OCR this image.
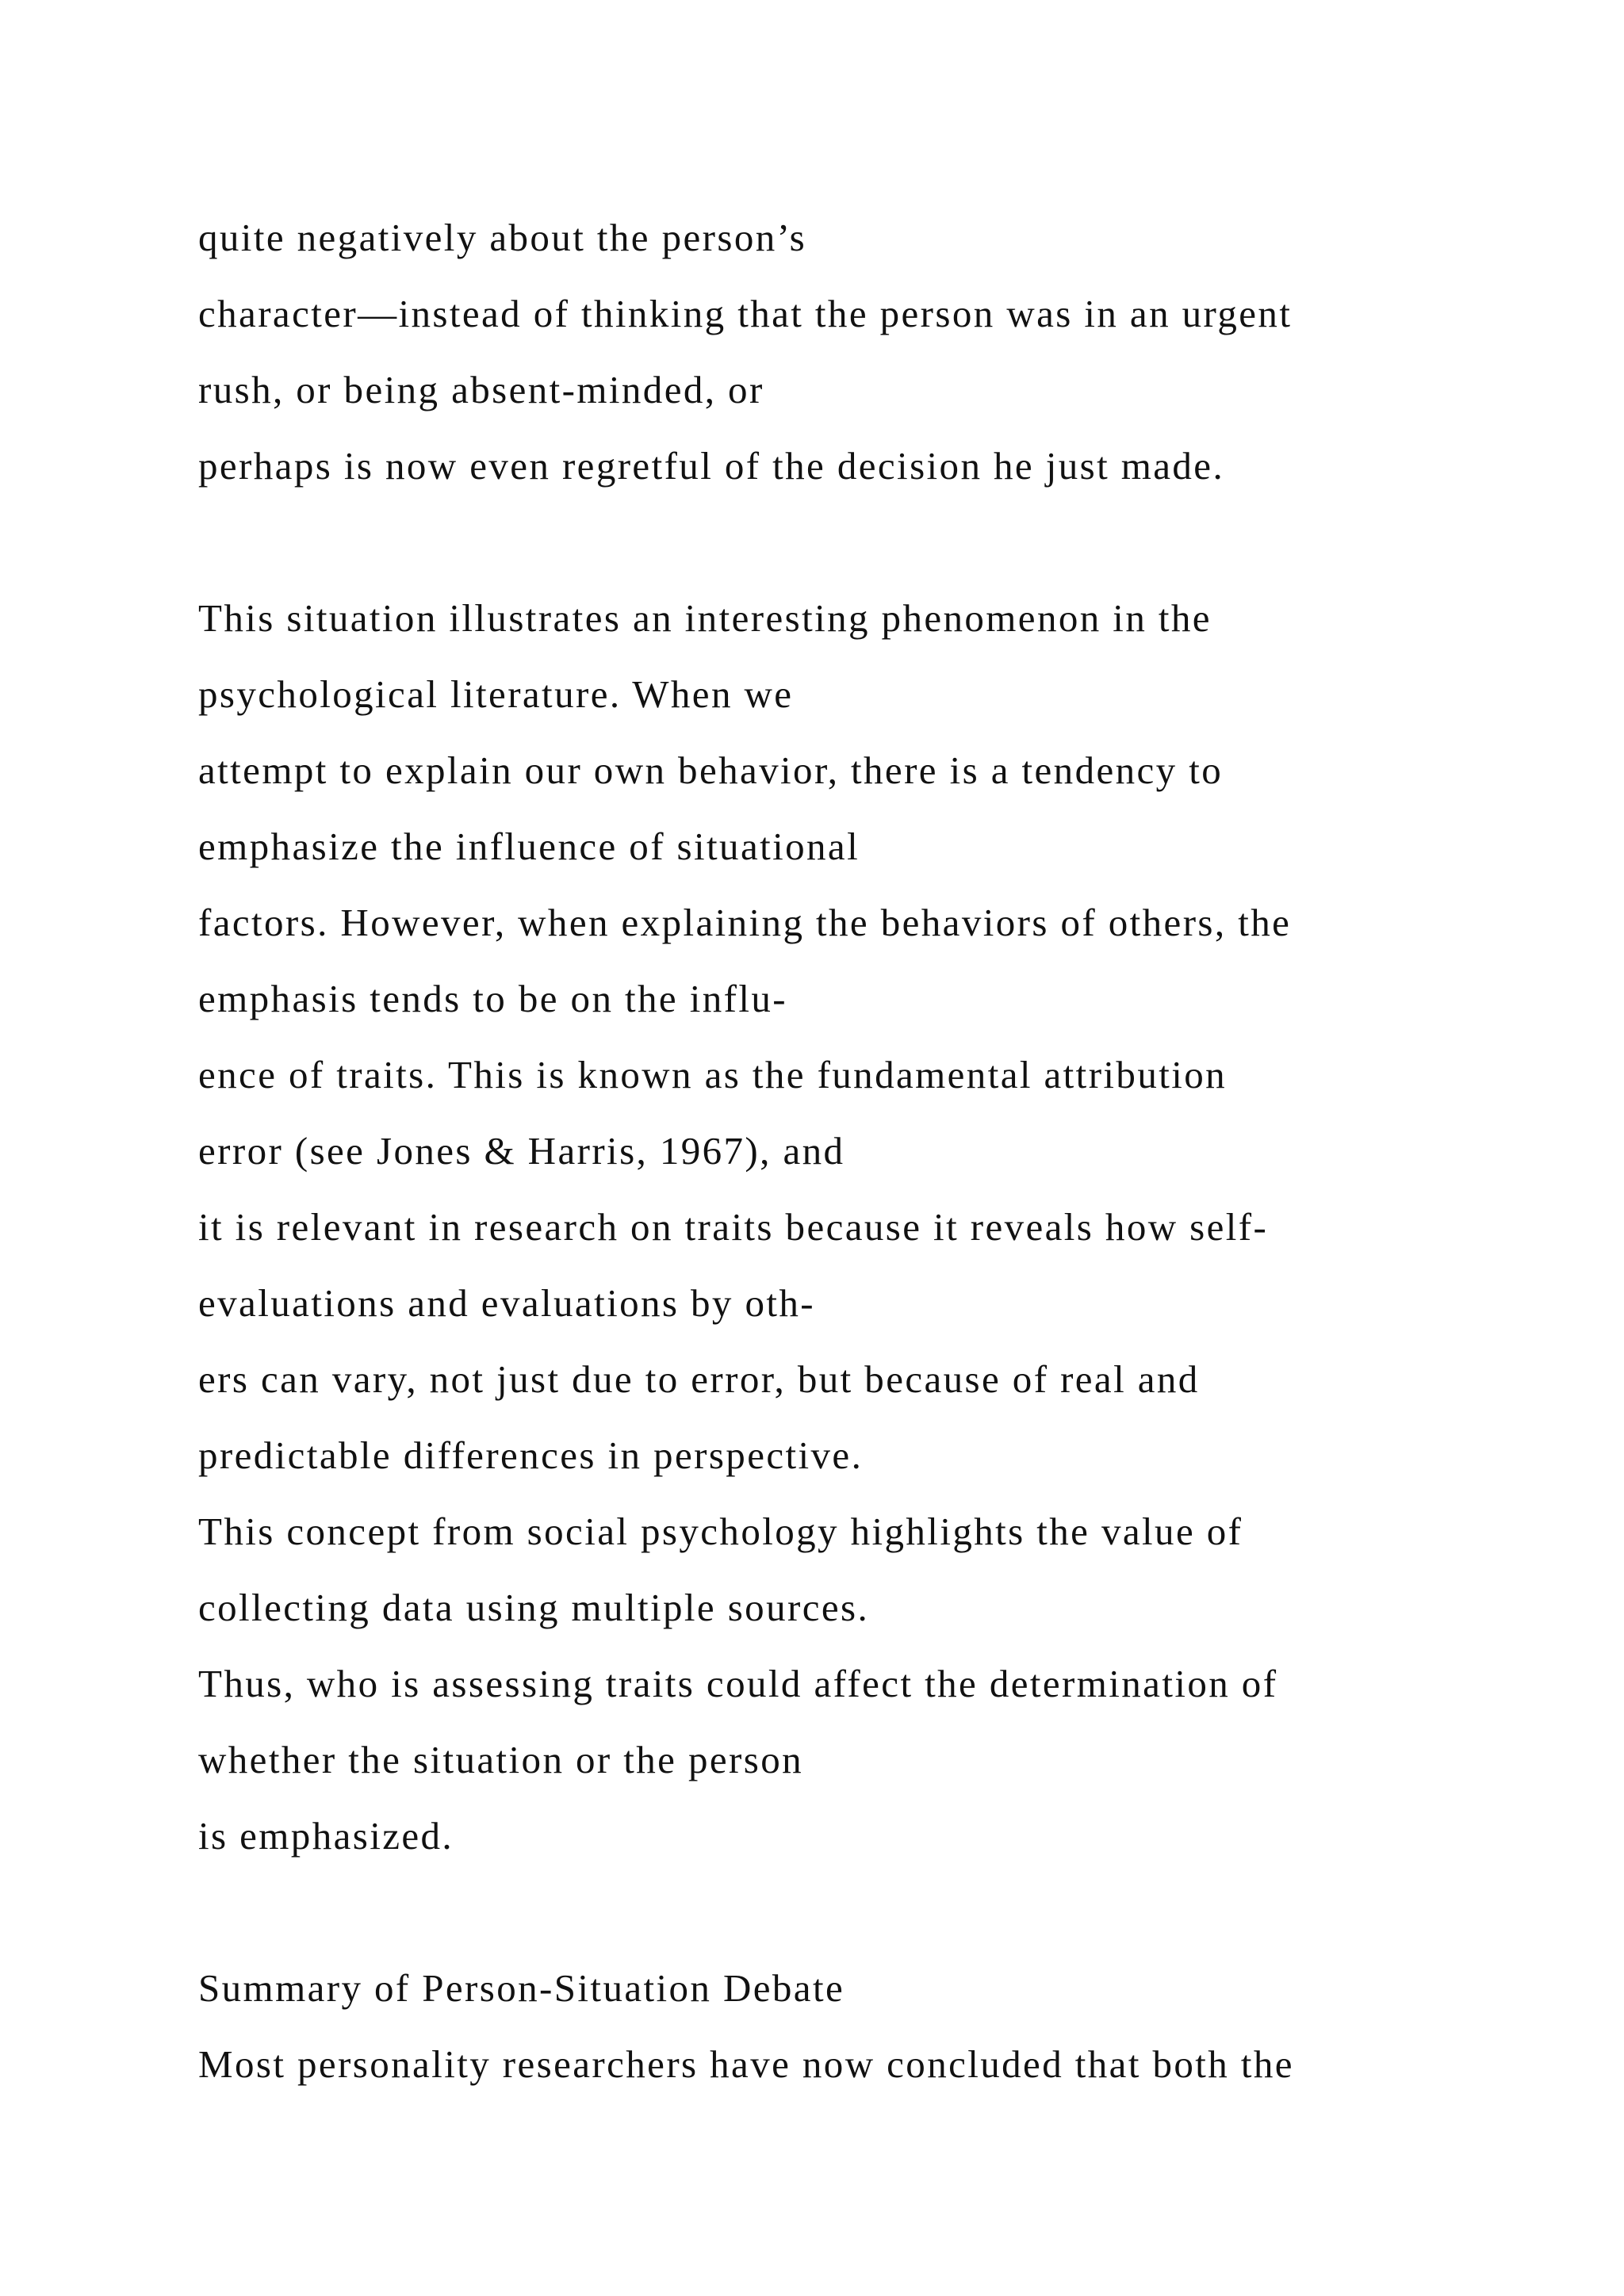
quite negatively about the person’s
character—instead of thinking that the person was in an urgent
rush, or being absent-minded, or
perhaps is now even regretful of the decision he just made.
This situation illustrates an interesting phenomenon in the
psychological literature. When we
attempt to explain our own behavior, there is a tendency to
emphasize the influence of situational
factors. However, when explaining the behaviors of others, the
emphasis tends to be on the influ-
ence of traits. This is known as the fundamental attribution
error (see Jones & Harris, 1967), and
it is relevant in research on traits because it reveals how self-
evaluations and evaluations by oth-
ers can vary, not just due to error, but because of real and
predictable differences in perspective.
This concept from social psychology highlights the value of
collecting data using multiple sources.
Thus, who is assessing traits could affect the determination of
whether the situation or the person
is emphasized.
Summary of Person-Situation Debate
Most personality researchers have now concluded that both the
